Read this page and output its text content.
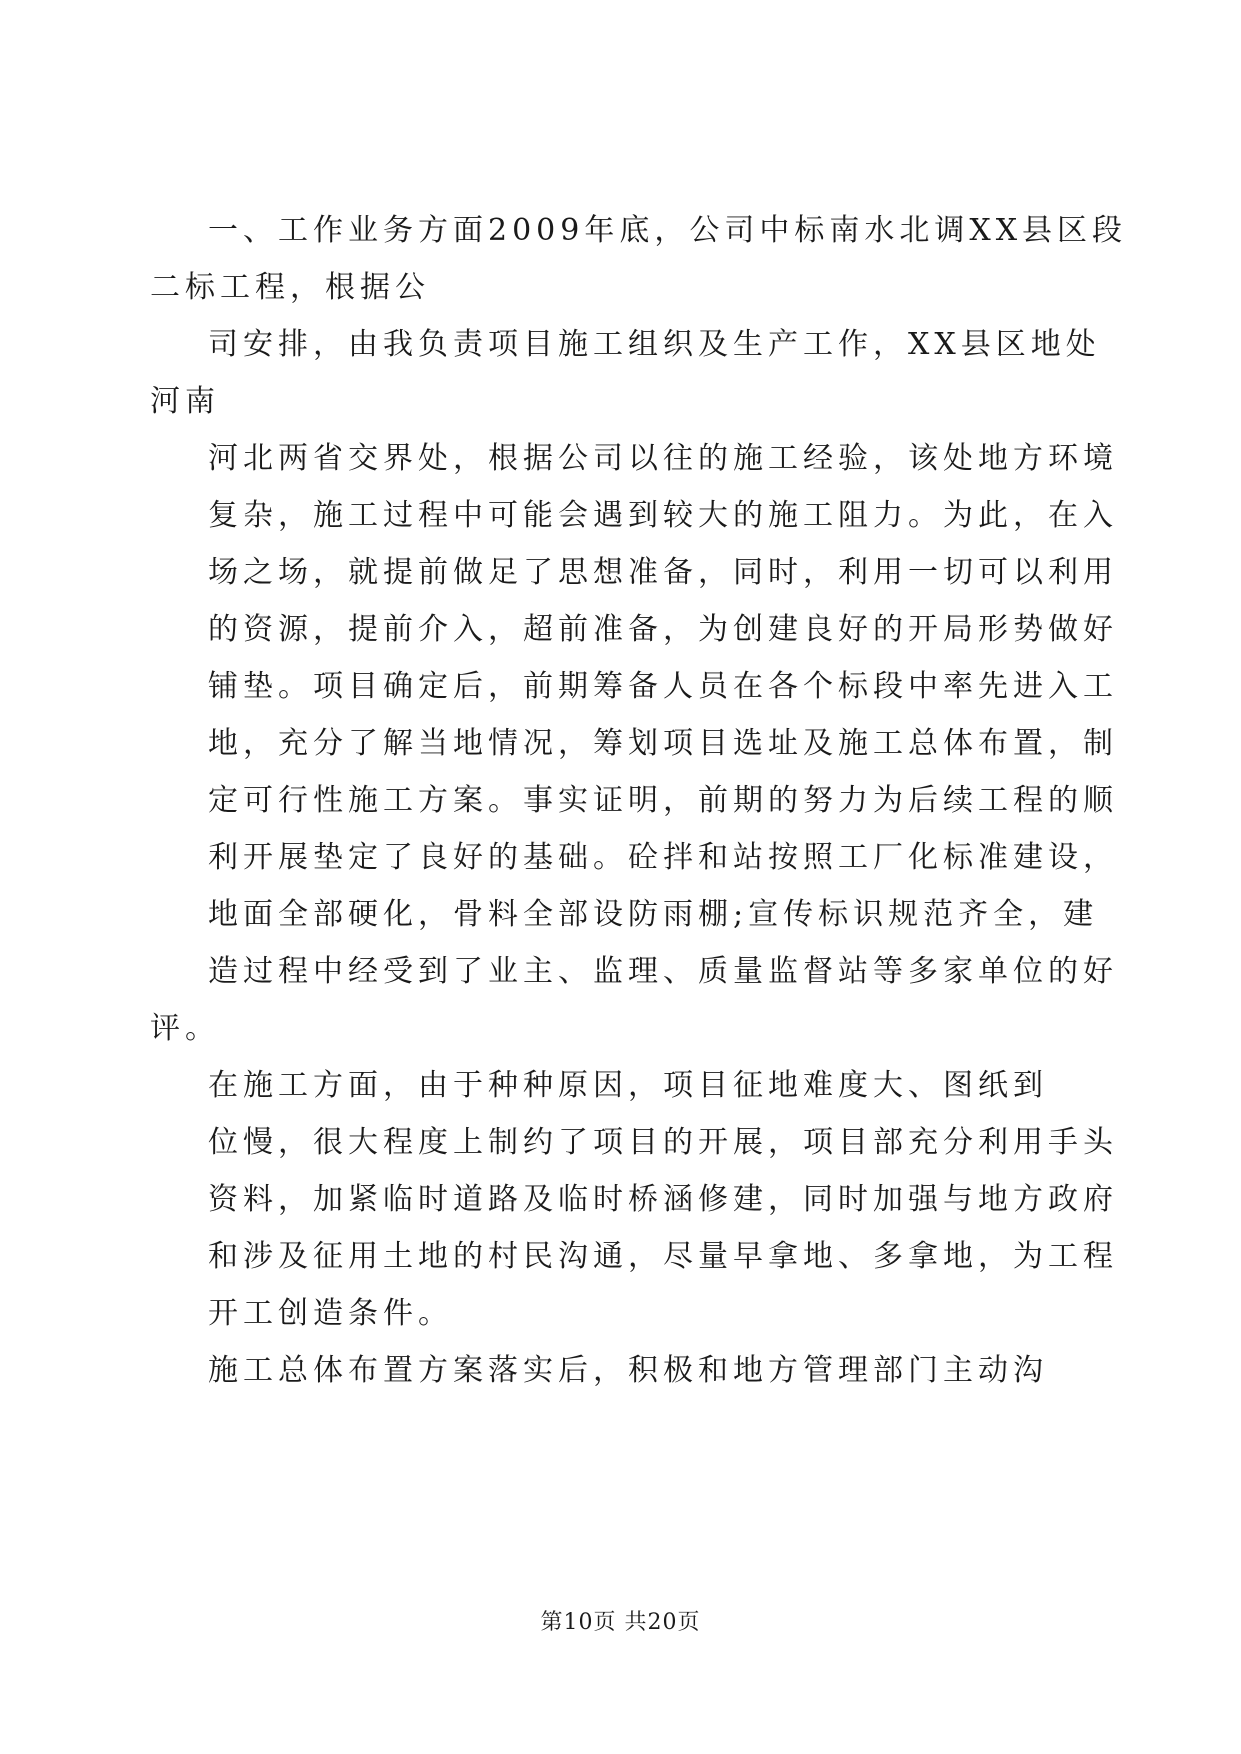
一、工作业务方面2009年底，公司中标南水北调XX县区段
二标工程，根据公
司安排，由我负责项目施工组织及生产工作，XX县区地处
河南
河北两省交界处，根据公司以往的施工经验，该处地方环境
复杂，施工过程中可能会遇到较大的施工阻力。为此，在入
场之场，就提前做足了思想准备，同时，利用一切可以利用
的资源，提前介入，超前准备，为创建良好的开局形势做好
铺垫。项目确定后，前期筹备人员在各个标段中率先进入工
地，充分了解当地情况，筹划项目选址及施工总体布置，制
定可行性施工方案。事实证明，前期的努力为后续工程的顺
利开展垫定了良好的基础。砼拌和站按照工厂化标准建设，
地面全部硬化，骨料全部设防雨棚;宣传标识规范齐全，建
造过程中经受到了业主、监理、质量监督站等多家单位的好
评。
在施工方面，由于种种原因，项目征地难度大、图纸到
位慢，很大程度上制约了项目的开展，项目部充分利用手头
资料，加紧临时道路及临时桥涵修建，同时加强与地方政府
和涉及征用土地的村民沟通，尽量早拿地、多拿地，为工程
开工创造条件。
施工总体布置方案落实后，积极和地方管理部门主动沟
第10页 共20页
